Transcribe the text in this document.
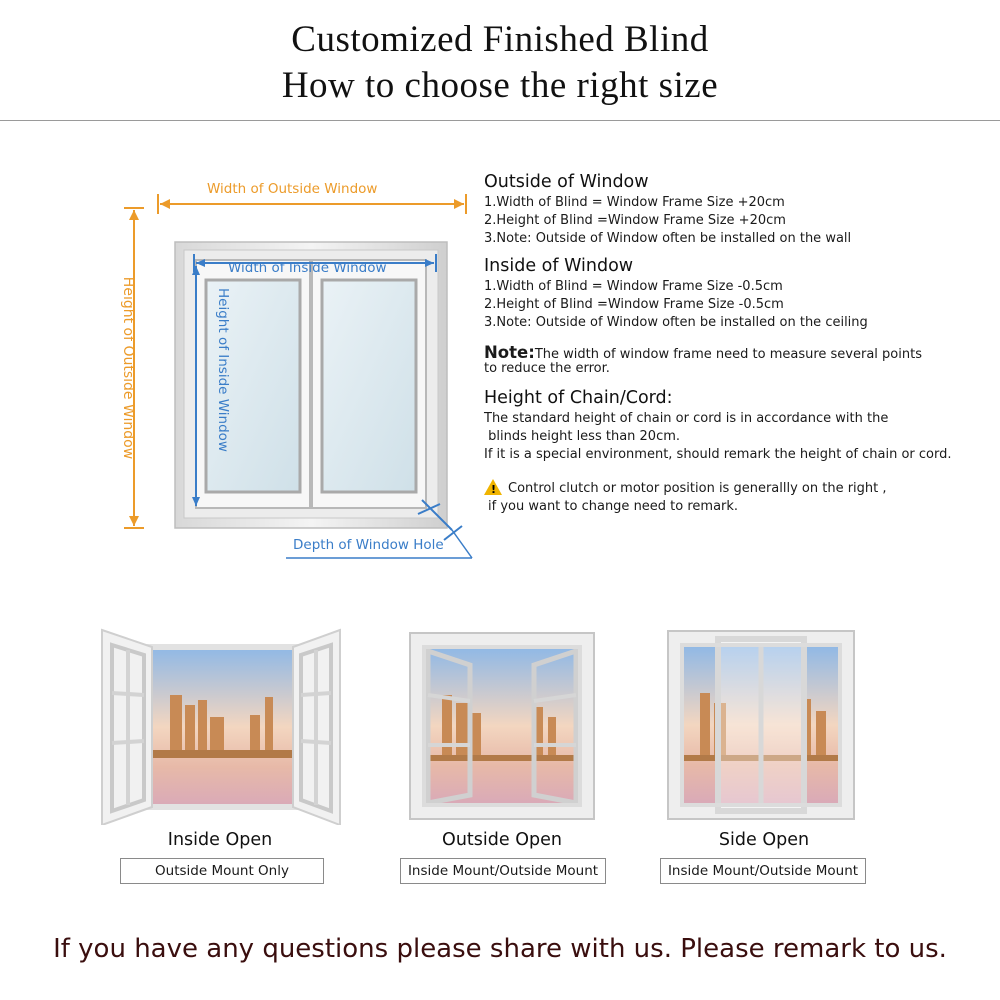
Customized Finished Blind
How to choose the right size
Width of Outside Window
Width of Inside Window
Depth of Window Hole
Height of Outside Window	Height of Inside Window
Outside of Window
1.Width of Blind = Window Frame Size +20cm
2.Height of Blind =Window Frame Size +20cm
3.Note: Outside of Window often be installed on the wall
Inside of Window
1.Width of Blind = Window Frame Size -0.5cm
2.Height of Blind =Window Frame Size -0.5cm
3.Note: Outside of Window often be installed on the ceiling
Note:The width of window frame need to measure several points
to reduce the error.
Height of Chain/Cord:
The standard height of chain or cord is in accordance with the
blinds height less than 20cm.
If it is a special environment, should remark the height of chain or cord.
! Control clutch or motor position is generallly on the right ,
if you want to change need to remark.
Inside Open
Outside Mount Only
Outside Open
Inside Mount/Outside Mount
Side Open
Inside Mount/Outside Mount
If you have any questions please share with us. Please remark to us.
